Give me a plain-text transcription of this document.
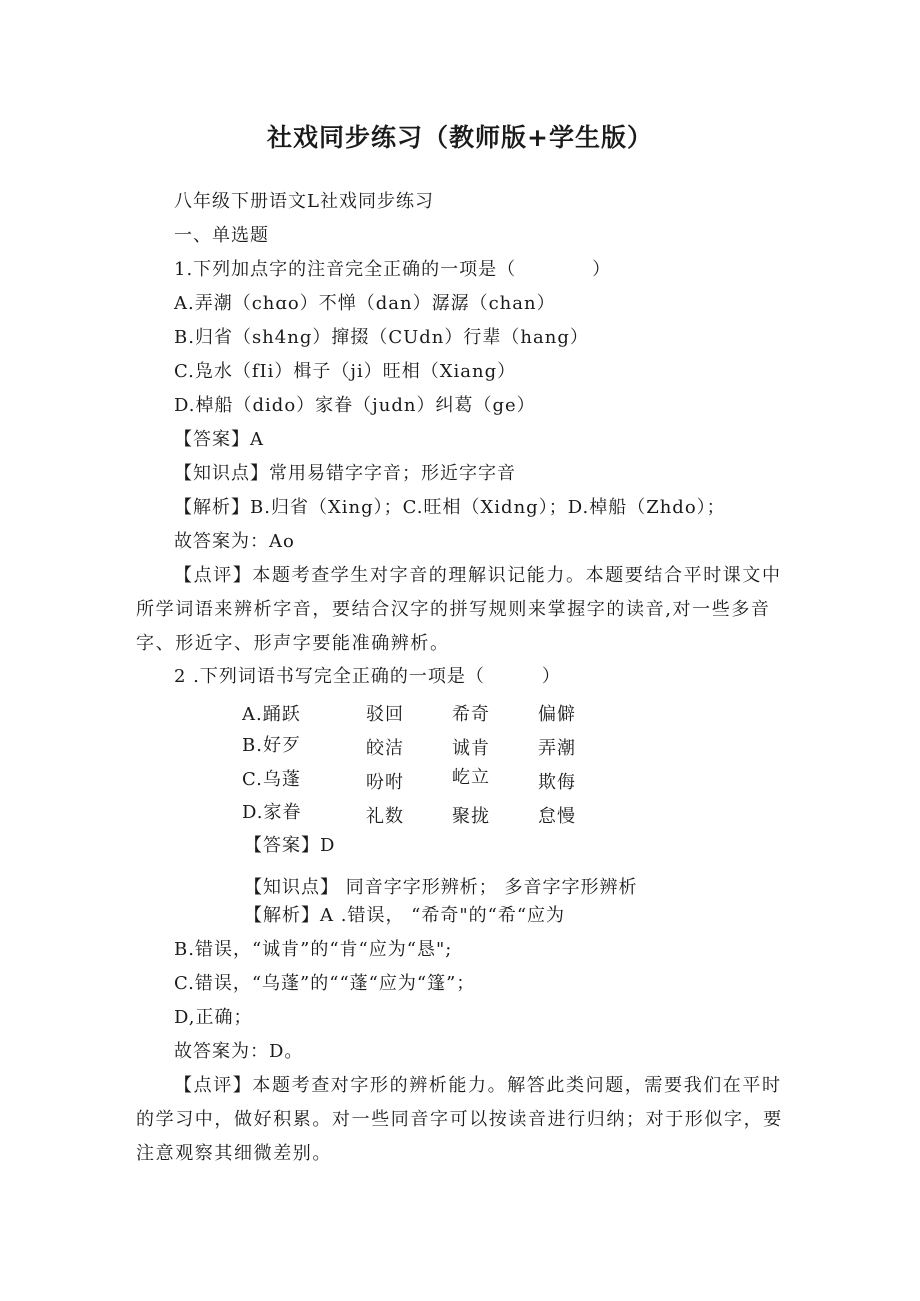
社戏同步练习（教师版+学生版）
八年级下册语文L社戏同步练习
一、单选题
1.下列加点字的注音完全正确的一项是（　　　　）
A.弄潮（chɑo）不惮（dan）潺潺（chan）
B.归省（sh4ng）撺掇（CUdn）行辈（hang）
C.凫水（fIi）楫子（ji）旺相（Xiang）
D.棹船（dido）家眷（judn）纠葛（ge）
【答案】A
【知识点】常用易错字字音；形近字字音
【解析】B.归省（Xing）；C.旺相（Xidng）；D.棹船（Zhdo）；
故答案为：Ao
【点评】本题考查学生对字音的理解识记能力。本题要结合平时课文中所学词语来辨析字音，要结合汉字的拼写规则来掌握字的读音,对一些多音字、形近字、形声字要能准确辨析。
2 .下列词语书写完全正确的一项是（　　　）
A.踊跃	驳回	希奇	偏僻
B.好歹	皎洁	诚肯	弄潮
C.乌蓬	吩咐	屹立	欺侮
D.家眷	礼数	聚拢	怠慢
【答案】D
【知识点】 同音字字形辨析； 多音字字形辨析
【解析】A .错误， “希奇"的“希“应为
B.错误，“诚肯”的“肯“应为“恳";
C.错误，“乌蓬”的““蓬“应为“篷”；
D,正确；
故答案为：D。
【点评】本题考查对字形的辨析能力。解答此类问题，需要我们在平时的学习中，做好积累。对一些同音字可以按读音进行归纳；对于形似字，要注意观察其细微差别。
